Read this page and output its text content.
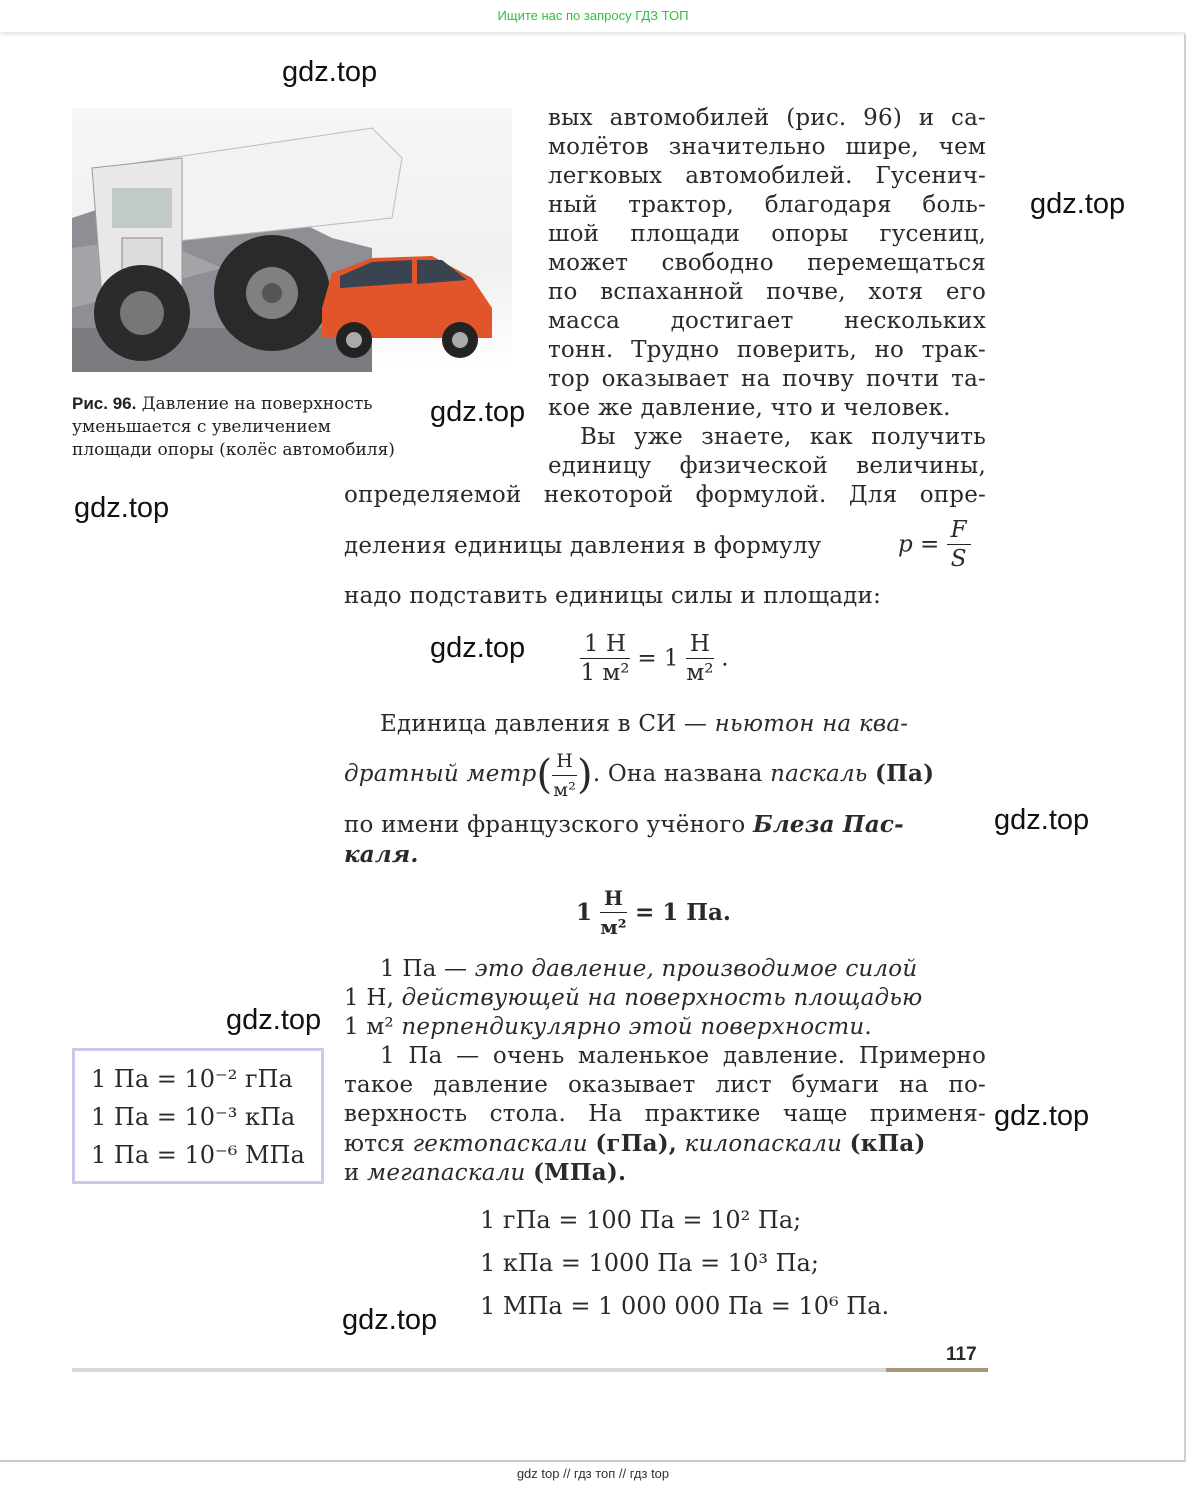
Ищите нас по запросу ГДЗ ТОП
Рис. 96. Давление на поверхность
уменьшается с увеличением
площади опоры (колёс автомобиля)
вых автомобилей (рис. 96) и са-
молётов значительно шире, чем
легковых автомобилей. Гусенич-
ный трактор, благодаря боль-
шой площади опоры гусениц,
может свободно перемещаться
по вспаханной почве, хотя его
масса достигает нескольких
тонн. Трудно поверить, но трак-
тор оказывает на почву почти та-
кое же давление, что и человек.
Вы уже знаете, как получить
единицу физической величины,
определяемой некоторой формулой. Для опре-
деления единицы давления в формулу	$p = \frac{F}{S}$
надо подставить единицы силы и площади:
$\frac{1 Н}{\text{1 м²}} = 1 \frac{Н}{\text{м²}}$ .
Единица давления в СИ — ньютон на ква-
дратный метр( $\frac{Н}{\text{м²}}$ ). Она названа паскаль (Па)
по имени французского учёного Блеза Пас-
каля.
$1 \frac{Н}{\text{м²}} = 1$ Па.
1 Па — это давление, производимое силой
1 Н, действующей на поверхность площадью
1 м² перпендикулярно этой поверхности.
1 Па — очень маленькое давление. Примерно
такое давление оказывает лист бумаги на по-
верхность стола. На практике чаще применя-
ются гектопаскали (гПа), килопаскали (кПа)
и мегапаскали (МПа).
1 Па = 10⁻² гПа
1 Па = 10⁻³ кПа
1 Па = 10⁻⁶ МПа
1 гПа = 100 Па = 10² Па;
1 кПа = 1000 Па = 10³ Па;
1 МПа = 1 000 000 Па = 10⁶ Па.
117
gdz.top
gdz.top
gdz.top
gdz.top
gdz.top
gdz.top
gdz.top
gdz.top
gdz.top
gdz top // гдз топ // гдз top
